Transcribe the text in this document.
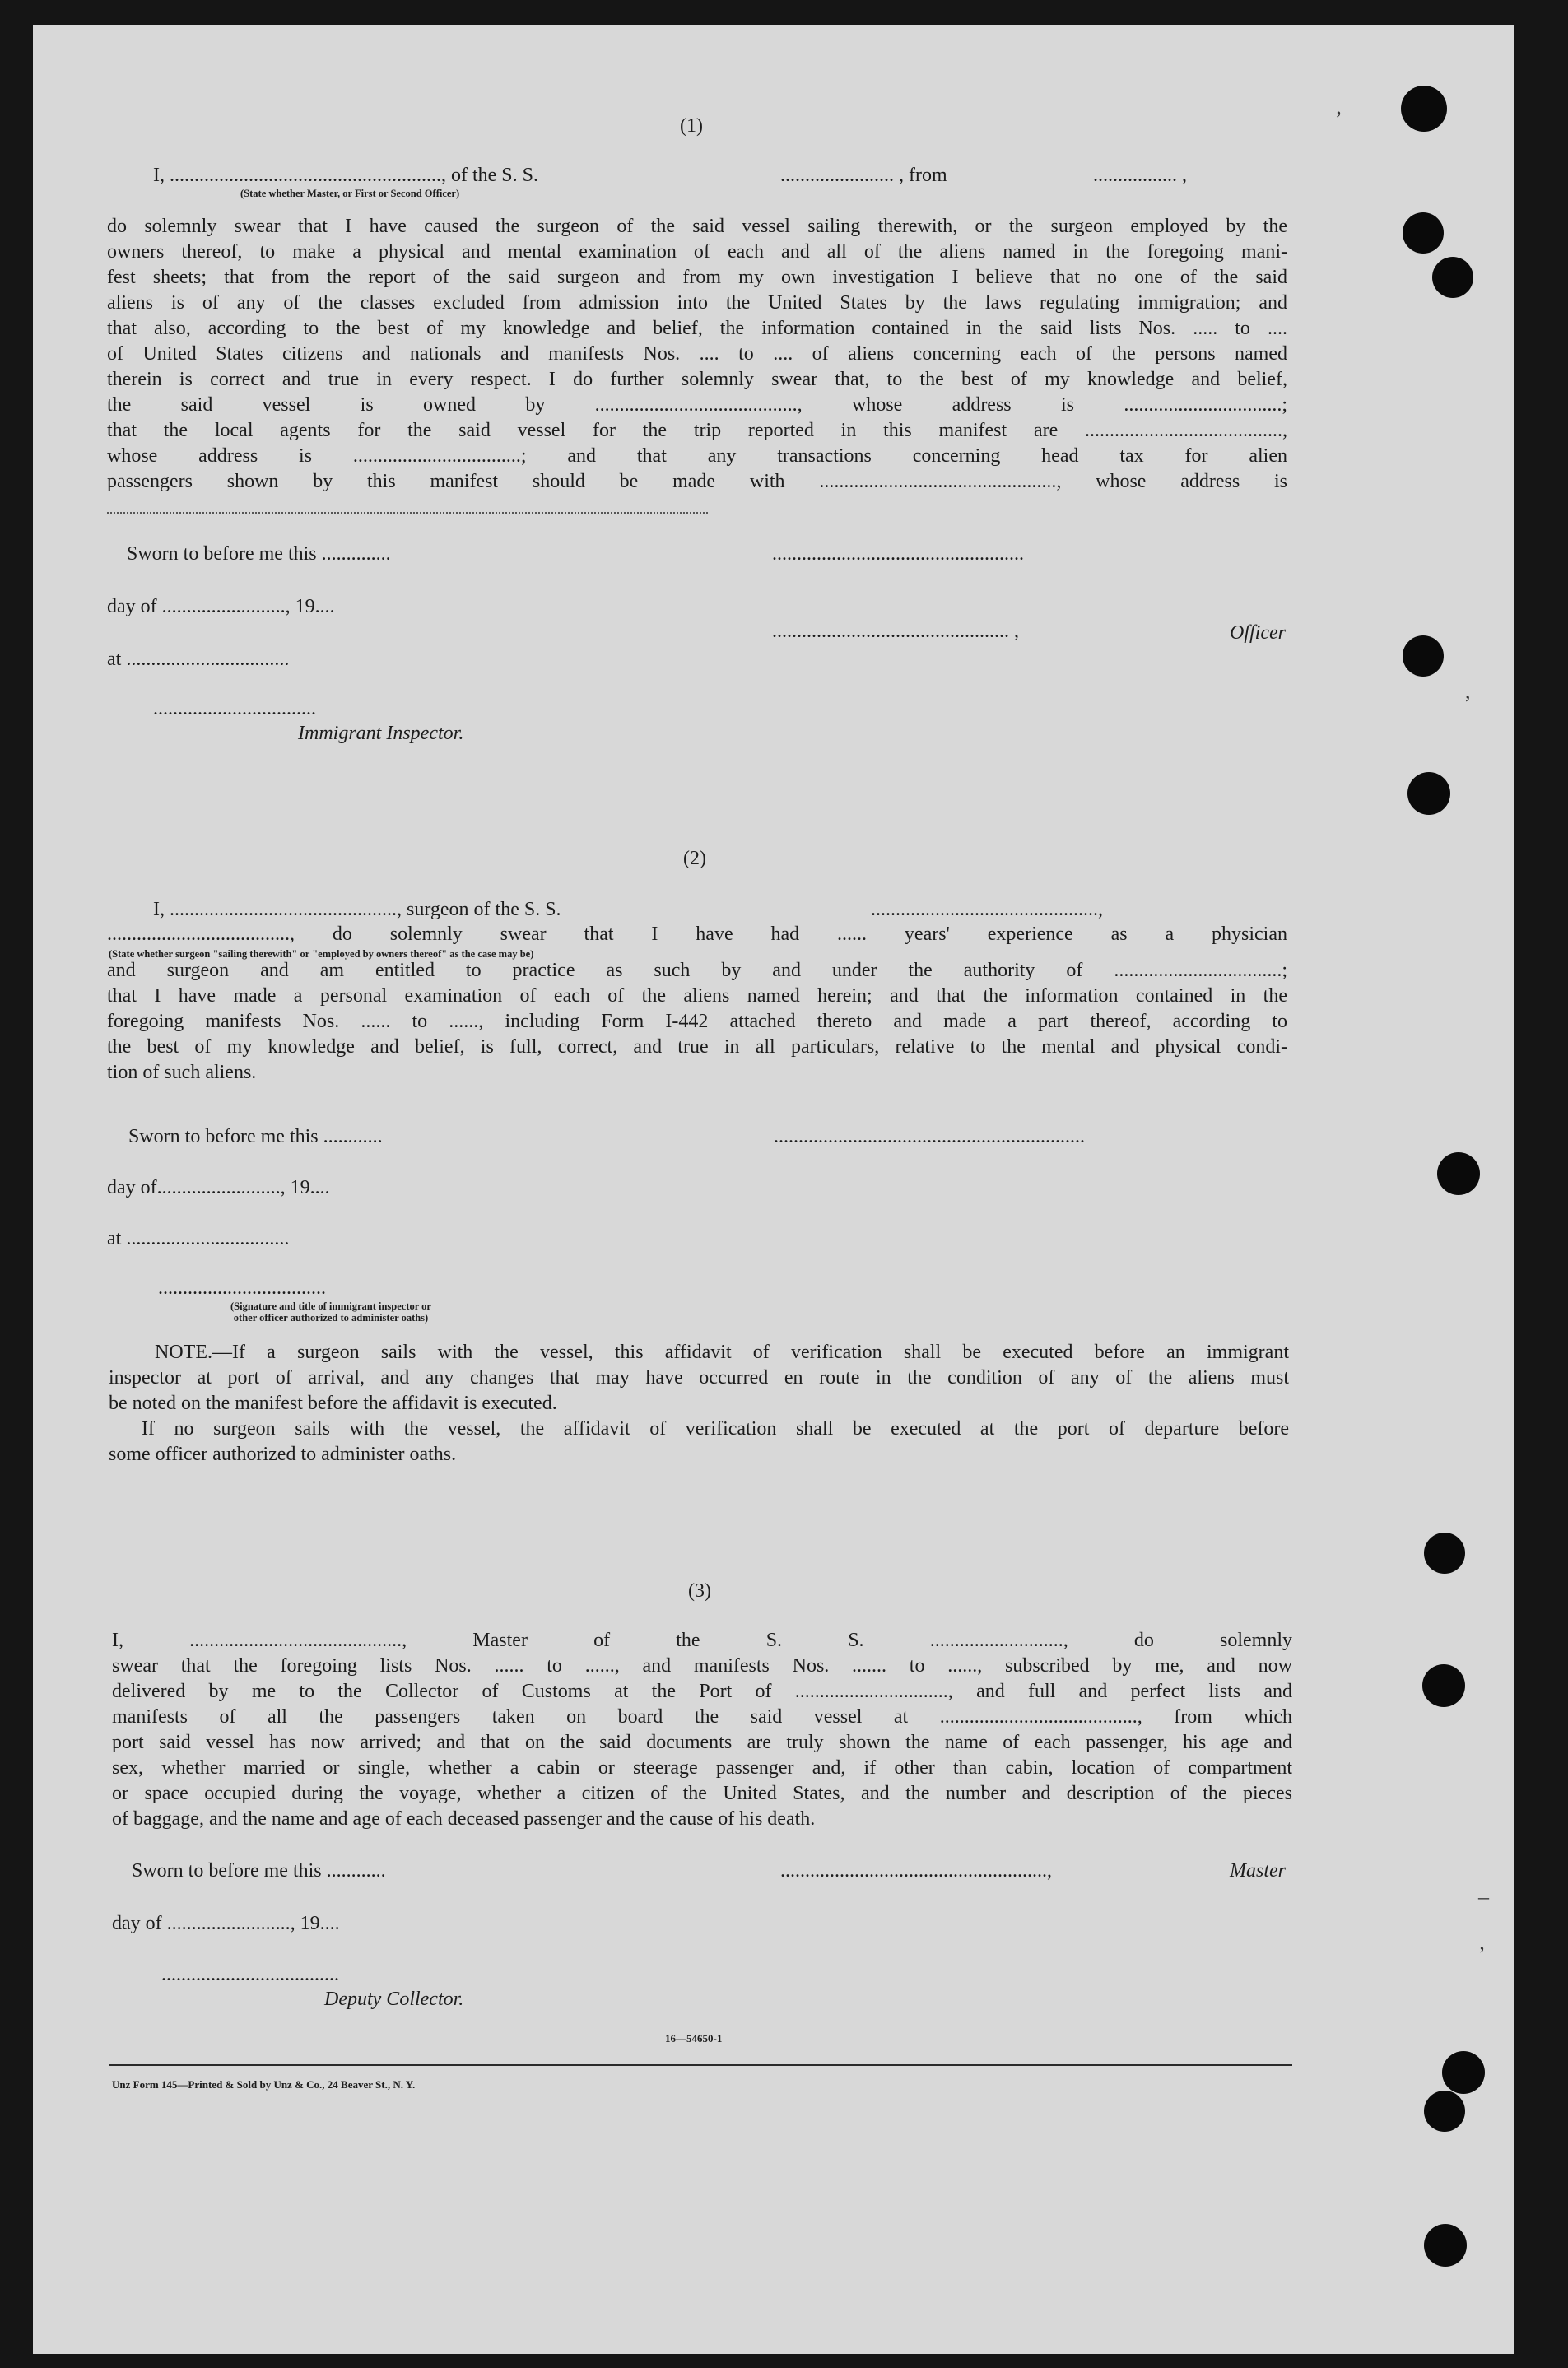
’
,
–
’
(1)
I, ......................................................., of the S. S.	....................... , from	................. ,
(State whether Master, or First or Second Officer)
do solemnly swear that I have caused the surgeon of the said vessel sailing therewith, or the surgeon employed by the
owners thereof, to make a physical and mental examination of each and all of the aliens named in the foregoing mani-
fest sheets; that from the report of the said surgeon and from my own investigation I believe that no one of the said
aliens is of any of the classes excluded from admission into the United States by the laws regulating immigration; and
that also, according to the best of my knowledge and belief, the information contained in the said lists Nos. ..... to ....
of United States citizens and nationals and manifests Nos. .... to .... of aliens concerning each of the persons named
therein is correct and true in every respect. I do further solemnly swear that, to the best of my knowledge and belief,
the said vessel is owned by ........................................., whose address is ................................;
that the local agents for the said vessel for the trip reported in this manifest are ........................................,
whose address is ..................................; and that any transactions concerning head tax for alien
passengers shown by this manifest should be made with ................................................, whose address is
Sworn to before me this ..............	...................................................
day of ........................., 19....
................................................ ,	Officer
at .................................
.................................
Immigrant Inspector.
(2)
I, .............................................., surgeon of the S. S.	..............................................,
....................................., do solemnly swear that I have had ...... years' experience as a physician
(State whether surgeon "sailing therewith" or "employed by owners thereof" as the case may be)
and surgeon and am entitled to practice as such by and under the authority of ..................................;
that I have made a personal examination of each of the aliens named herein; and that the information contained in the
foregoing manifests Nos. ...... to ......, including Form I-442 attached thereto and made a part thereof, according to
the best of my knowledge and belief, is full, correct, and true in all particulars, relative to the mental and physical condi-
tion of such aliens.
Sworn to before me this ............	...............................................................
day of........................., 19....
at .................................
..................................
(Signature and title of immigrant inspector or
other officer authorized to administer oaths)
NOTE.—If a surgeon sails with the vessel, this affidavit of verification shall be executed before an immigrant
inspector at port of arrival, and any changes that may have occurred en route in the condition of any of the aliens must
be noted on the manifest before the affidavit is executed.
If no surgeon sails with the vessel, the affidavit of verification shall be executed at the port of departure before
some officer authorized to administer oaths.
(3)
I, ..........................................., Master of the S. S. ..........................., do solemnly
swear that the foregoing lists Nos. ...... to ......, and manifests Nos. ....... to ......, subscribed by me, and now
delivered by me to the Collector of Customs at the Port of ..............................., and full and perfect lists and
manifests of all the passengers taken on board the said vessel at ........................................, from which
port said vessel has now arrived; and that on the said documents are truly shown the name of each passenger, his age and
sex, whether married or single, whether a cabin or steerage passenger and, if other than cabin, location of compartment
or space occupied during the voyage, whether a citizen of the United States, and the number and description of the pieces
of baggage, and the name and age of each deceased passenger and the cause of his death.
Sworn to before me this ............	......................................................,	Master
day of ........................., 19....
....................................
Deputy Collector.
16—54650-1
Unz Form 145—Printed & Sold by Unz & Co., 24 Beaver St., N. Y.
